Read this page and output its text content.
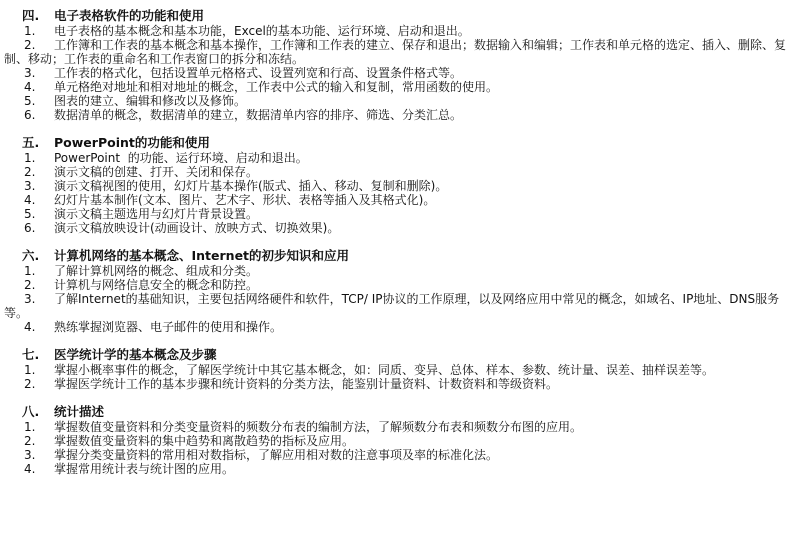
四. 电子表格软件的功能和使用
1.	电子表格的基本概念和基本功能，Excel的基本功能、运行环境、启动和退出。
2.	工作簿和工作表的基本概念和基本操作，工作簿和工作表的建立、保存和退出；数据输入和编辑；工作表和单元格的选定、插入、删除、复制、移动；工作表的重命名和工作表窗口的拆分和冻结。
3.	工作表的格式化，包括设置单元格格式、设置列宽和行高、设置条件格式等。
4.	单元格绝对地址和相对地址的概念，工作表中公式的输入和复制，常用函数的使用。
5.	图表的建立、编辑和修改以及修饰。
6.	数据清单的概念，数据清单的建立，数据清单内容的排序、筛选、分类汇总。
五. PowerPoint的功能和使用
1.	PowerPoint  的功能、运行环境、启动和退出。
2.	演示文稿的创建、打开、关闭和保存。
3.	演示文稿视图的使用，幻灯片基本操作(版式、插入、移动、复制和删除)。
4.	幻灯片基本制作(文本、图片、艺术字、形状、表格等插入及其格式化)。
5.	演示文稿主题选用与幻灯片背景设置。
6.	演示文稿放映设计(动画设计、放映方式、切换效果)。
六. 计算机网络的基本概念、Internet的初步知识和应用
1.	了解计算机网络的概念、组成和分类。
2.	计算机与网络信息安全的概念和防控。
3.	了解Internet的基础知识，主要包括网络硬件和软件，TCP/ IP协议的工作原理，以及网络应用中常见的概念，如域名、IP地址、DNS服务等。
4.	熟练掌握浏览器、电子邮件的使用和操作。
七. 医学统计学的基本概念及步骤
1.	掌握小概率事件的概念，了解医学统计中其它基本概念，如：同质、变异、总体、样本、参数、统计量、误差、抽样误差等。
2.	掌握医学统计工作的基本步骤和统计资料的分类方法，能鉴别计量资料、计数资料和等级资料。
八. 统计描述
1.	掌握数值变量资料和分类变量资料的频数分布表的编制方法，了解频数分布表和频数分布图的应用。
2.	掌握数值变量资料的集中趋势和离散趋势的指标及应用。
3.	掌握分类变量资料的常用相对数指标，了解应用相对数的注意事项及率的标准化法。
4.	掌握常用统计表与统计图的应用。
